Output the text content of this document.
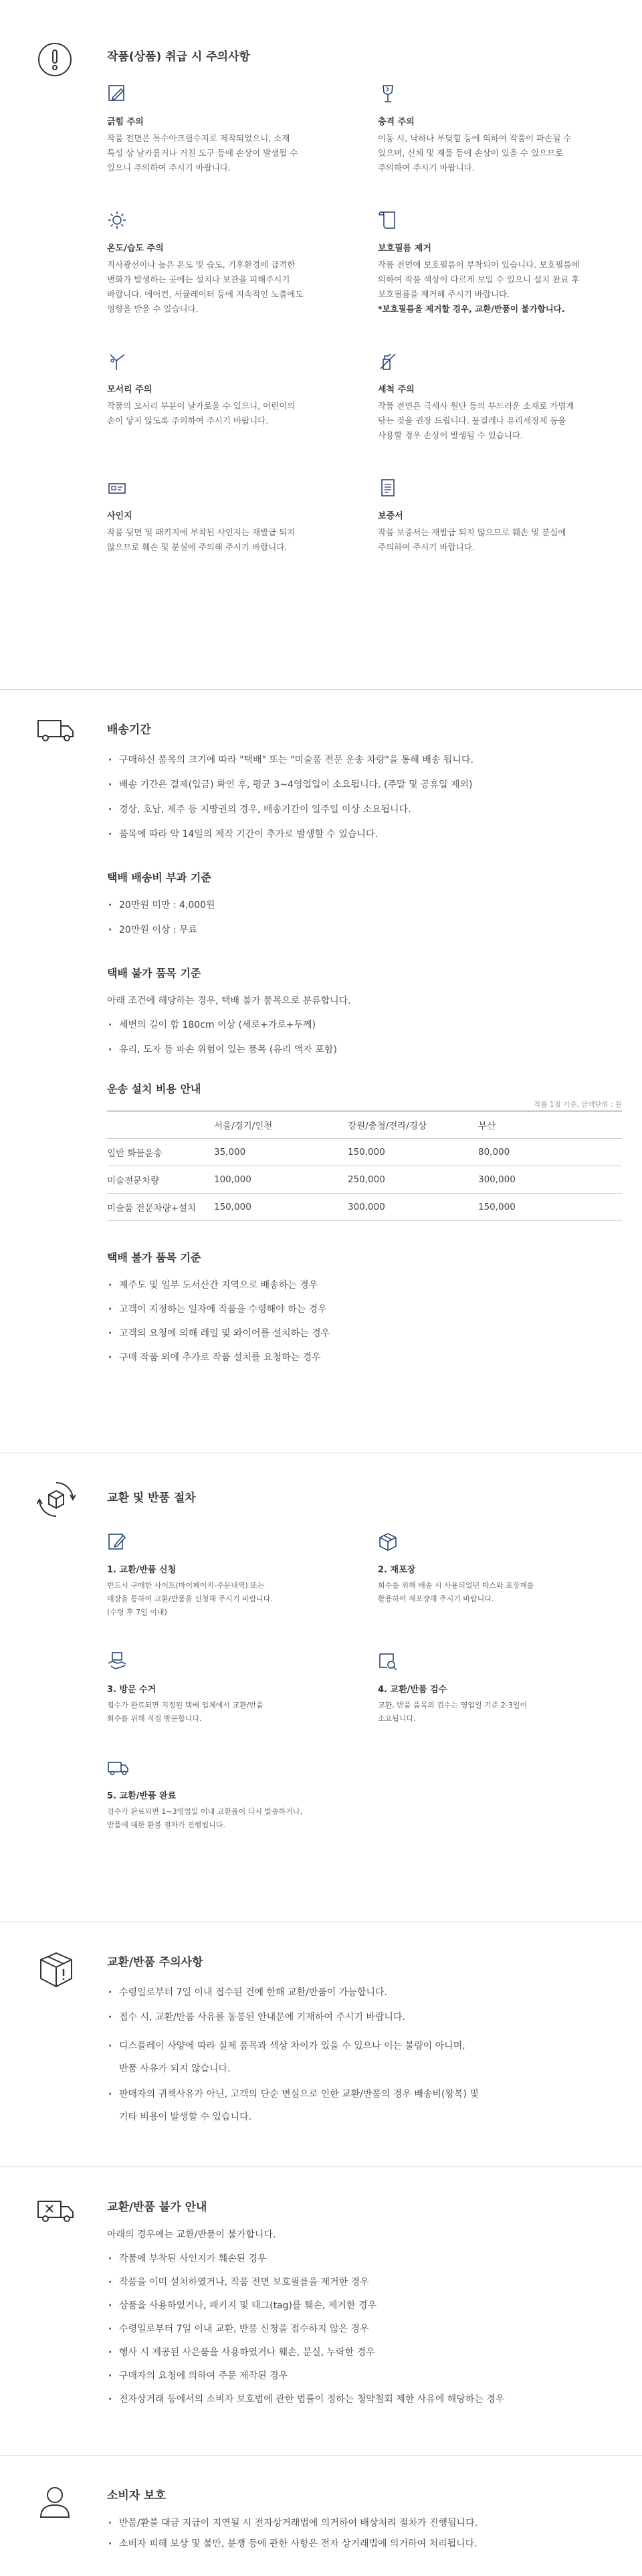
작품(상품) 취급 시 주의사항
긁힘 주의
작품 전면은 특수아크릴수지로 제작되었으니, 소재
특성 상 날카롭거나 거친 도구 등에 손상이 발생될 수
있으니 주의하여 주시기 바랍니다.
충격 주의
이동 시, 낙하나 부딪힘 등에 의하여 작품이 파손될 수
있으며, 신체 및 재물 등에 손상이 있을 수 있으므로
주의하여 주시기 바랍니다.
온도/습도 주의
직사광선이나 높은 온도 및 습도, 기후환경에 급격한
변화가 발생하는 곳에는 설치나 보관을 피해주시기
바랍니다. 에어컨, 서큘레이터 등에 지속적인 노출에도
영향을 받을 수 있습니다.
보호필름 제거
작품 전면에 보호필름이 부착되어 있습니다. 보호필름에
의하여 작품 색상이 다르게 보일 수 있으니 설치 완료 후
보호필름을 제거해 주시기 바랍니다.
*보호필름을 제거할 경우, 교환/반품이 불가합니다.
모서리 주의
작품의 모서리 부분이 날카로울 수 있으니, 어린이의
손이 닿지 않도록 주의하여 주시기 바랍니다.
세척 주의
작품 전면은 극세사 원단 등의 부드러운 소재로 가볍게
닦는 것을 권장 드립니다. 물걸레나 유리세정제 등을
사용할 경우 손상이 발생될 수 있습니다.
사인지
작품 뒷면 및 패키지에 부착된 사인지는 재발급 되지
않으므로 훼손 및 분실에 주의해 주시기 바랍니다.
보증서
작품 보증서는 재발급 되지 않으므로 훼손 및 분실에
주의하여 주시기 바랍니다.
배송기간
· 구매하신 품목의 크기에 따라 "택배" 또는 "미술품 전문 운송 차량"을 통해 배송 됩니다.
· 배송 기간은 결제(입금) 확인 후, 평균 3~4영업일이 소요됩니다. (주말 및 공휴일 제외)
· 경상, 호남, 제주 등 지방권의 경우, 배송기간이 일주일 이상 소요됩니다.
· 품목에 따라 약 14일의 제작 기간이 추가로 발생할 수 있습니다.
택배 배송비 부과 기준
· 20만원 미만 : 4,000원
· 20만원 이상 : 무료
택배 불가 품목 기준

아래 조건에 해당하는 경우, 택배 불가 품목으로 분류합니다.

· 세변의 길이 합 180cm 이상 (세로+가로+두께)
· 유리, 도자 등 파손 위험이 있는 품목 (유리 액자 포함)
운송 설치 비용 안내
작품 1점 기준, 금액단위 : 원
	서울/경기/인천	강원/충청/전라/경상	부산
일반 화물운송	35,000	150,000	80,000
미술전문차량	100,000	250,000	300,000
미술품 전문차량+설치	150,000	300,000	150,000
택배 불가 품목 기준
· 제주도 및 일부 도서산간 지역으로 배송하는 경우
· 고객이 지정하는 일자에 작품을 수령해야 하는 경우
· 고객의 요청에 의해 레일 및 와이어를 설치하는 경우
· 구매 작품 외에 추가로 작품 설치를 요청하는 경우
교환 및 반품 절차
1. 교환/반품 신청
반드시 구매한 사이트(마이페이지-주문내역) 또는
매장을 통하여 교환/반품을 신청해 주시기 바랍니다.
(수령 후 7일 이내)
2. 재포장
회수를 위해 배송 시 사용되었던 박스와 포장재를
활용하여 재포장해 주시기 바랍니다.
3. 방문 수거
접수가 완료되면 지정된 택배 업체에서 교환/반품
회수를 위해 직접 방문합니다.
4. 교환/반품 검수
교환, 반품 품목의 검수는 영업일 기준 2-3일이
소요됩니다.
5. 교환/반품 완료
검수가 완료되면 1~3영업일 이내 교환품이 다시 발송하거나,
반품에 대한 환불 절차가 진행됩니다.
교환/반품 주의사항
· 수령일로부터 7일 이내 접수된 건에 한해 교환/반품이 가능합니다.
· 접수 시, 교환/반품 사유를 동봉된 안내문에 기재하여 주시기 바랍니다.
· 디스플레이 사양에 따라 실제 품목과 색상 차이가 있을 수 있으나 이는 불량이 아니며,
반품 사유가 되지 않습니다.
· 판매자의 귀책사유가 아닌, 고객의 단순 변심으로 인한 교환/반품의 경우 배송비(왕복) 및
기타 비용이 발생할 수 있습니다.
교환/반품 불가 안내

아래의 경우에는 교환/반품이 불가합니다.

· 작품에 부착된 사인지가 훼손된 경우
· 작품을 이미 설치하였거나, 작품 전면 보호필름을 제거한 경우
· 상품을 사용하였거나, 패키지 및 태그(tag)를 훼손, 제거한 경우
· 수령일로부터 7일 이내 교환, 반품 신청을 접수하지 않은 경우
· 행사 시 제공된 사은품을 사용하였거나 훼손, 분실, 누락한 경우
· 구매자의 요청에 의하여 주문 제작된 경우
· 전자상거래 등에서의 소비자 보호법에 관한 법률이 정하는 청약철회 제한 사유에 해당하는 경우
소비자 보호
· 반품/환불 대금 지급이 지연될 시 전자상거래법에 의거하여 배상처리 절차가 진행됩니다.
· 소비자 피해 보상 및 불만, 분쟁 등에 관한 사항은 전자 상거래법에 의거하여 처리됩니다.
